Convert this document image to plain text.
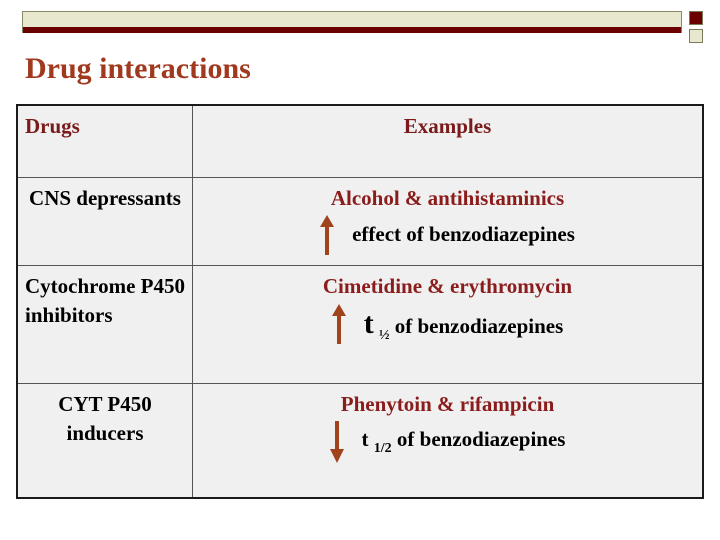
Drug interactions
Drugs	Examples
CNS depressants	Alcohol & antihistaminics
effect of benzodiazepines

Cytochrome P450 inhibitors	Cimetidine & erythromycin
t $_{\frac{1}{2}}$ of benzodiazepines

CYT P450 inducers	Phenytoin & rifampicin
t $_{1/2}$ of benzodiazepines
